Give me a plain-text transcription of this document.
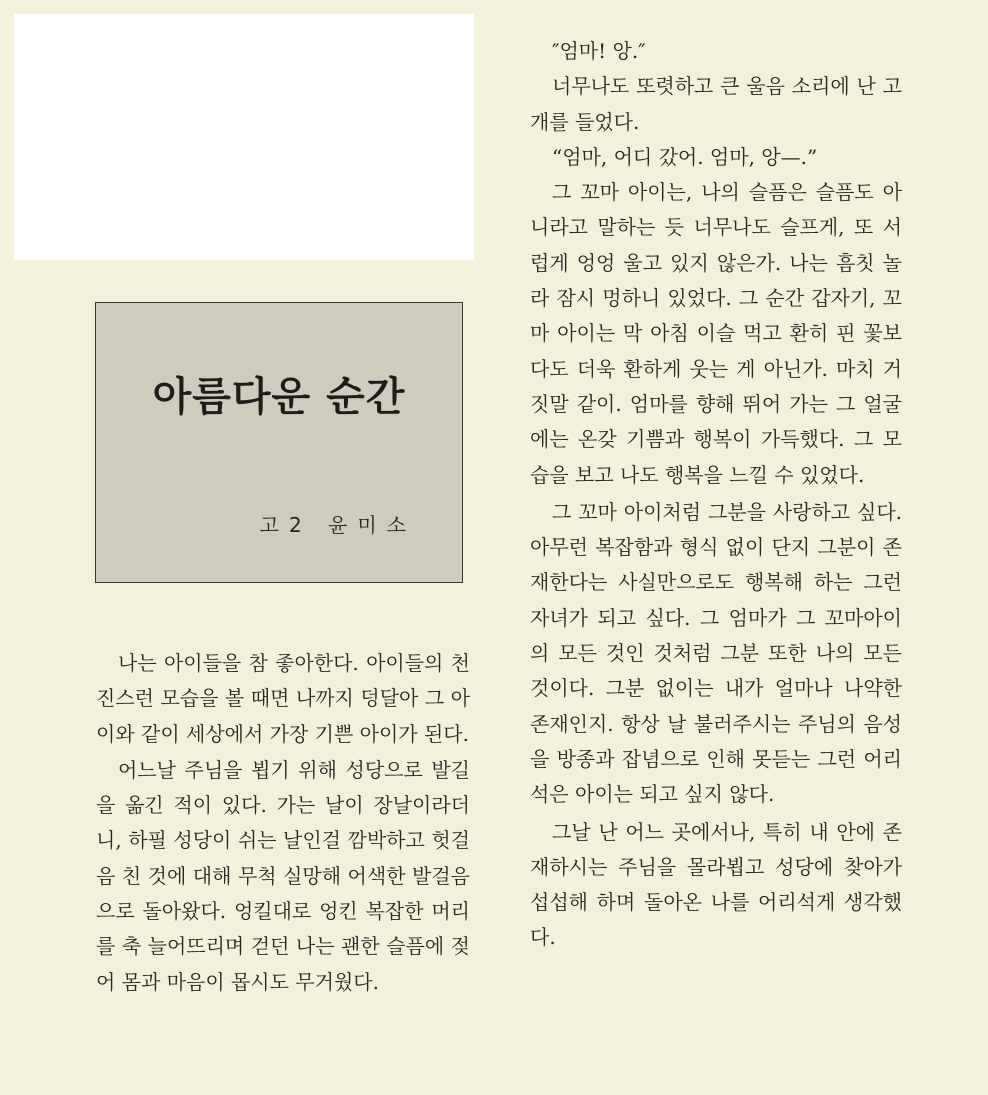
아름다운 순간
고2 윤미소

나는 아이들을 참 좋아한다. 아이들의 천진스런 모습을 볼 때면 나까지 덩달아 그 아이와 같이 세상에서 가장 기쁜 아이가 된다.

어느날 주님을 뵙기 위해 성당으로 발길을 옮긴 적이 있다. 가는 날이 장날이라더니, 하필 성당이 쉬는 날인걸 깜박하고 헛걸음 친 것에 대해 무척 실망해 어색한 발걸음으로 돌아왔다. 엉킬대로 엉킨 복잡한 머리를 축 늘어뜨리며 걷던 나는 괜한 슬픔에 젖어 몸과 마음이 몹시도 무거웠다.

″엄마! 앙.″

너무나도 또렷하고 큰 울음 소리에 난 고개를 들었다.

“엄마, 어디 갔어. 엄마, 앙—.”

그 꼬마 아이는, 나의 슬픔은 슬픔도 아니라고 말하는 듯 너무나도 슬프게, 또 서럽게 엉엉 울고 있지 않은가. 나는 흠칫 놀라 잠시 멍하니 있었다. 그 순간 갑자기, 꼬마 아이는 막 아침 이슬 먹고 환히 핀 꽃보다도 더욱 환하게 웃는 게 아닌가. 마치 거짓말 같이. 엄마를 향해 뛰어 가는 그 얼굴에는 온갖 기쁨과 행복이 가득했다. 그 모습을 보고 나도 행복을 느낄 수 있었다.

그 꼬마 아이처럼 그분을 사랑하고 싶다. 아무런 복잡함과 형식 없이 단지 그분이 존재한다는 사실만으로도 행복해 하는 그런 자녀가 되고 싶다. 그 엄마가 그 꼬마아이의 모든 것인 것처럼 그분 또한 나의 모든 것이다. 그분 없이는 내가 얼마나 나약한 존재인지. 항상 날 불러주시는 주님의 음성을 방종과 잡념으로 인해 못듣는 그런 어리석은 아이는 되고 싶지 않다.

그날 난 어느 곳에서나, 특히 내 안에 존재하시는 주님을 몰라뵙고 성당에 찾아가 섭섭해 하며 돌아온 나를 어리석게 생각했다.
